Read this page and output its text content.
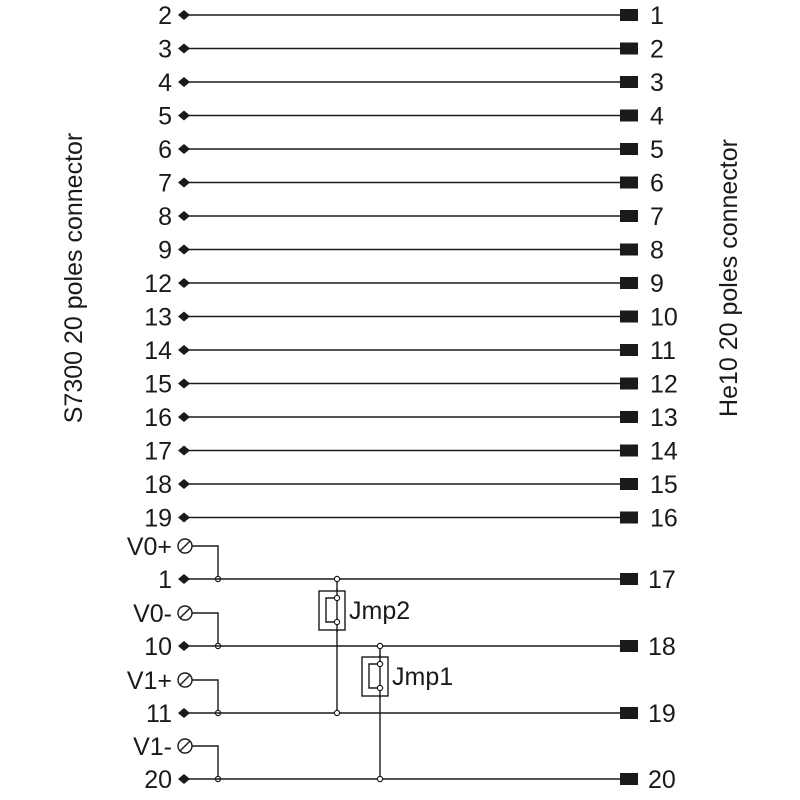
S7300 20 poles connector	He10 20 poles connector
2	1
3	2
4	3
5	4
6	5
7	6
8	7
9	8
12	9
13	10
14	11
15	12
16	13
17	14
18	15
19	16
V0+
1	17
V0-
10	18
V1+
11	19
V1-
20	20
Jmp2
Jmp1
